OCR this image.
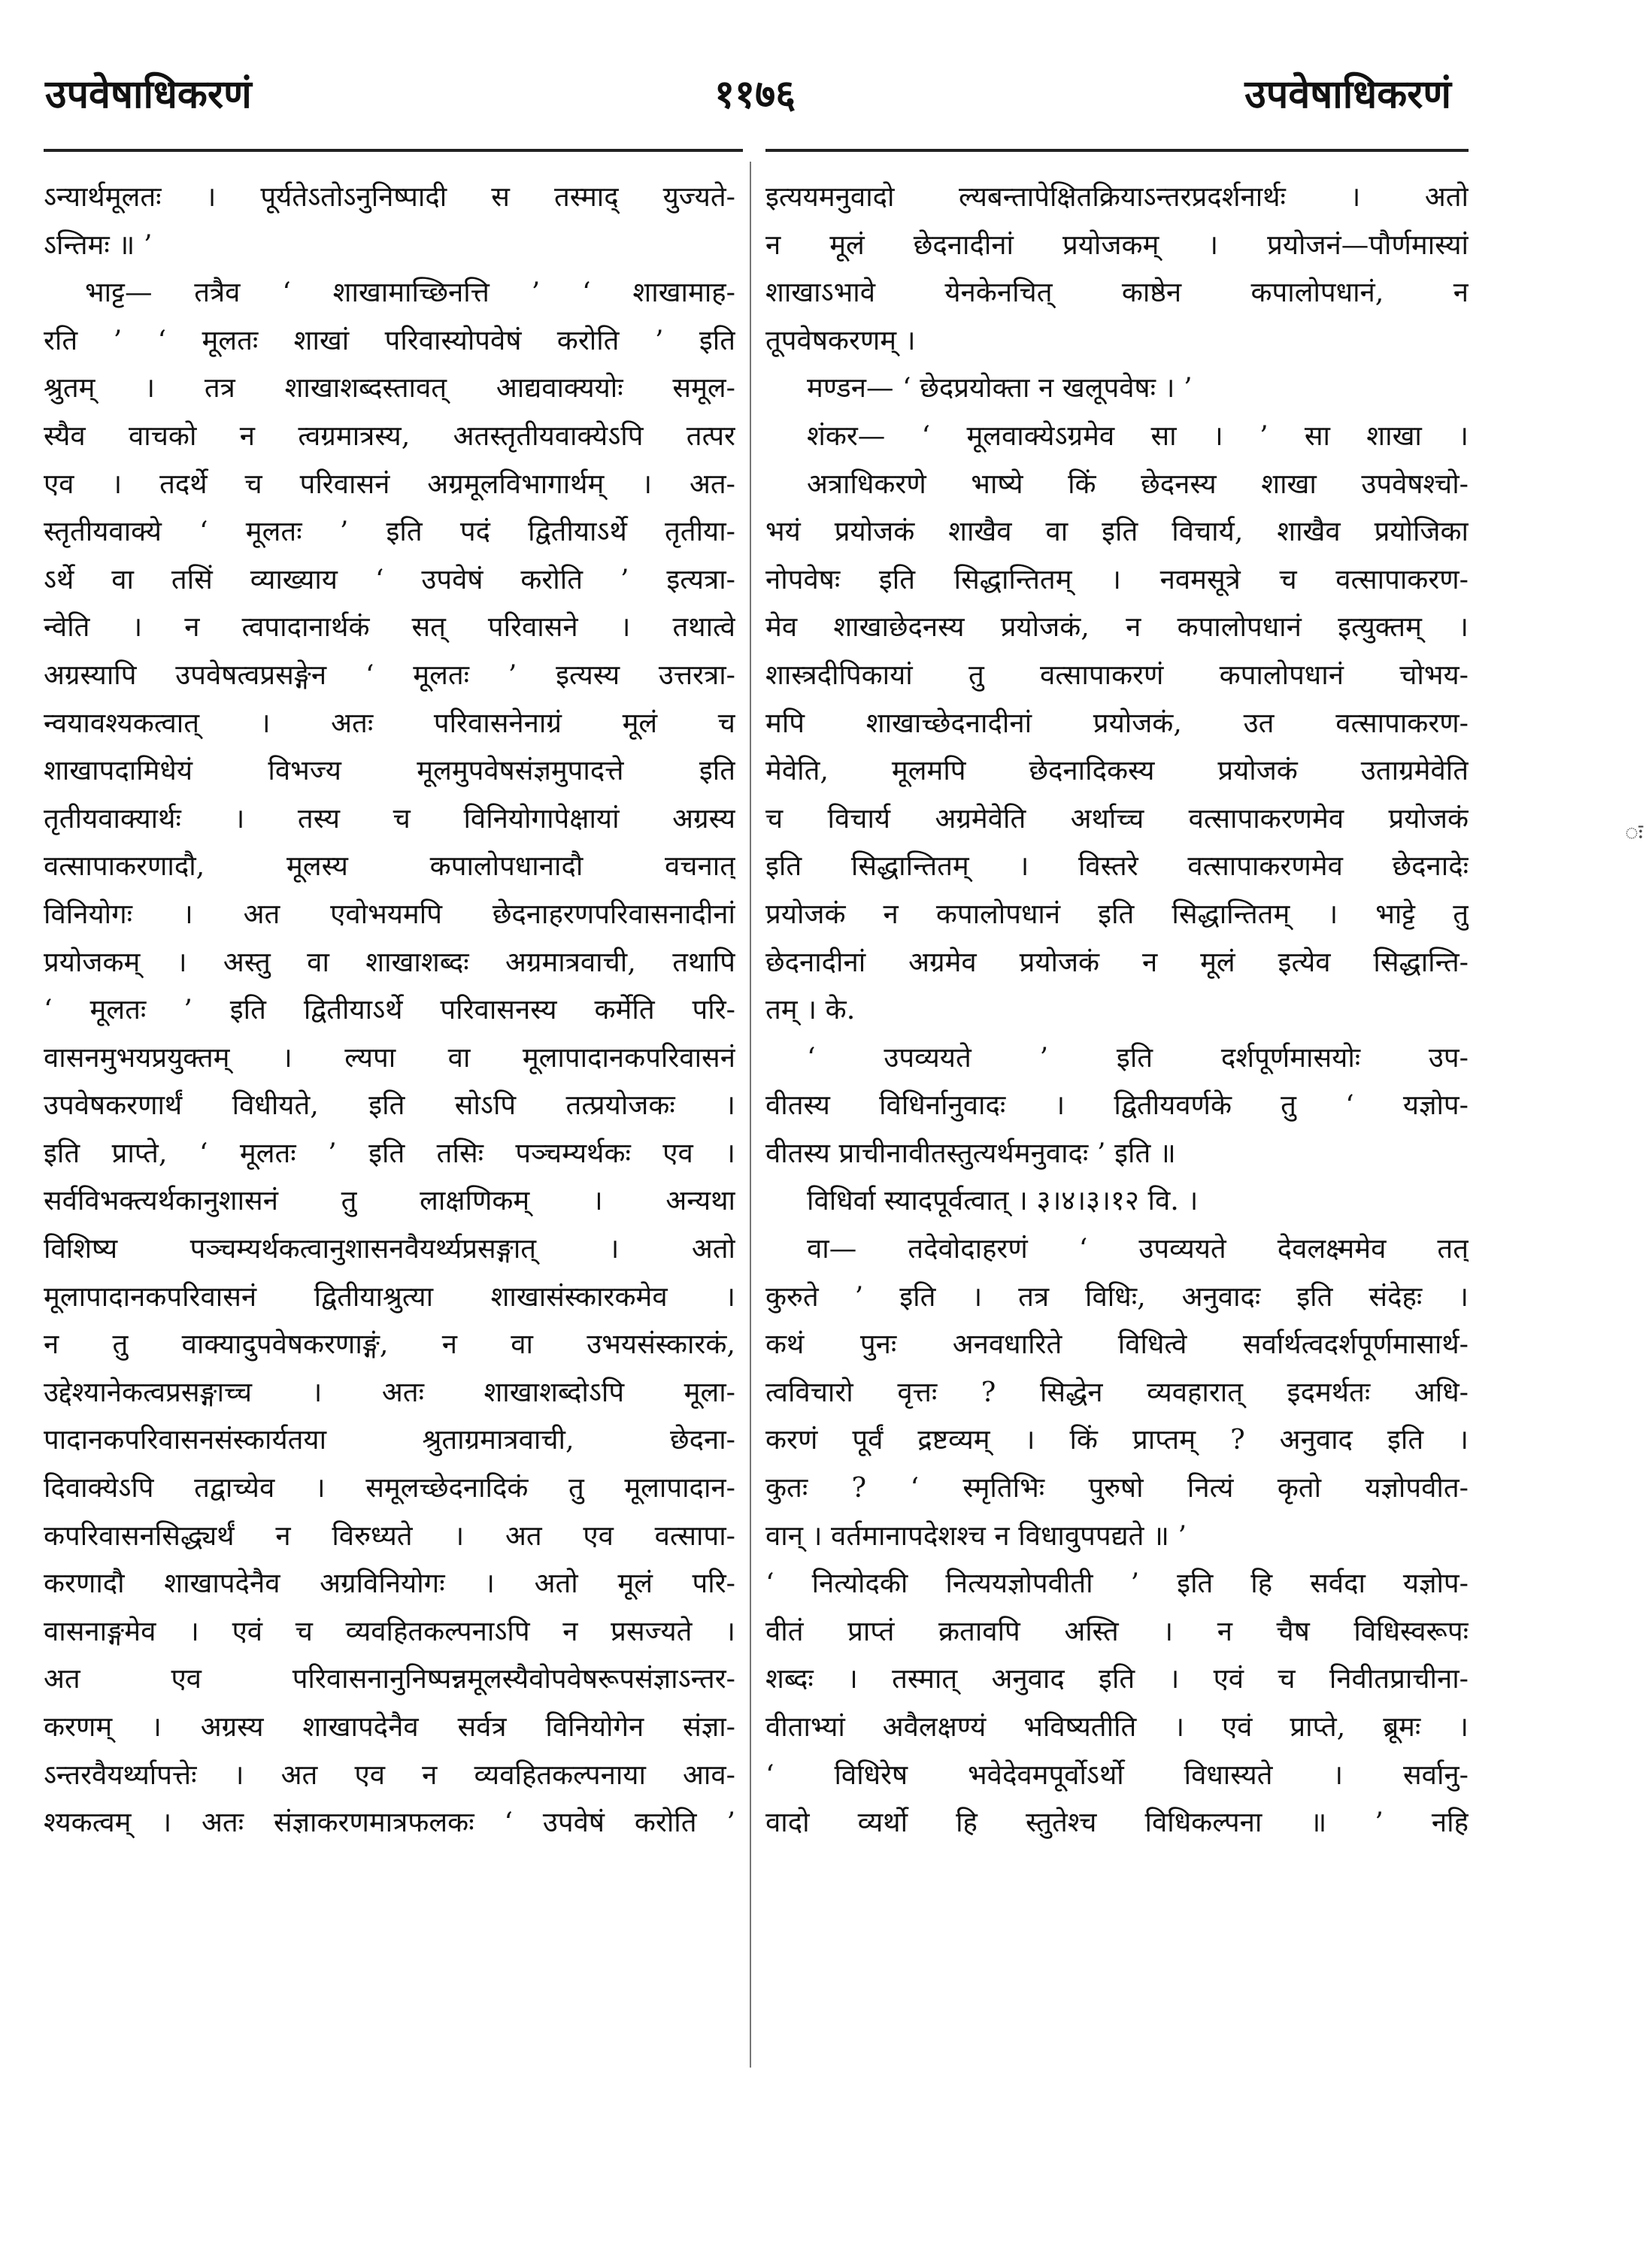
उपवेषाधिकरणं	११७६	उपवेषाधिकरणं
ऽन्यार्थमूलतः । पूर्यतेऽतोऽनुनिष्पादी स तस्माद् युज्यते-
ऽन्तिमः ॥ ’
भाट्ट— तत्रैव ‘ शाखामाच्छिनत्ति ’ ‘ शाखामाह-
रति ’ ‘ मूलतः शाखां परिवास्योपवेषं करोति ’ इति
श्रुतम् । तत्र शाखाशब्दस्तावत् आद्यवाक्ययोः समूल-
स्यैव वाचको न त्वग्रमात्रस्य, अतस्तृतीयवाक्येऽपि तत्पर
एव । तदर्थे च परिवासनं अग्रमूलविभागार्थम् । अत-
स्तृतीयवाक्ये ‘ मूलतः ’ इति पदं द्वितीयाऽर्थे तृतीया-
ऽर्थे वा तसिं व्याख्याय ‘ उपवेषं करोति ’ इत्यत्रा-
न्वेति । न त्वपादानार्थकं सत् परिवासने । तथात्वे
अग्रस्यापि उपवेषत्वप्रसङ्गेन ‘ मूलतः ’ इत्यस्य उत्तरत्रा-
न्वयावश्यकत्वात् । अतः परिवासनेनाग्रं मूलं च
शाखापदामिधेयं विभज्य मूलमुपवेषसंज्ञमुपादत्ते इति
तृतीयवाक्यार्थः । तस्य च विनियोगापेक्षायां अग्रस्य
वत्सापाकरणादौ, मूलस्य कपालोपधानादौ वचनात्
विनियोगः । अत एवोभयमपि छेदनाहरणपरिवासनादीनां
प्रयोजकम् । अस्तु वा शाखाशब्दः अग्रमात्रवाची, तथापि
‘ मूलतः ’ इति द्वितीयाऽर्थे परिवासनस्य कर्मेति परि-
वासनमुभयप्रयुक्तम् । ल्यपा वा मूलापादानकपरिवासनं
उपवेषकरणार्थं विधीयते, इति सोऽपि तत्प्रयोजकः ।
इति प्राप्ते, ‘ मूलतः ’ इति तसिः पञ्चम्यर्थकः एव ।
सर्वविभक्त्यर्थकानुशासनं तु लाक्षणिकम् । अन्यथा
विशिष्य पञ्चम्यर्थकत्वानुशासनवैयर्थ्यप्रसङ्गात् । अतो
मूलापादानकपरिवासनं द्वितीयाश्रुत्या शाखासंस्कारकमेव ।
न तु वाक्यादुपवेषकरणाङ्गं, न वा उभयसंस्कारकं,
उद्देश्यानेकत्वप्रसङ्गाच्च । अतः शाखाशब्दोऽपि मूला-
पादानकपरिवासनसंस्कार्यतया श्रुताग्रमात्रवाची, छेदना-
दिवाक्येऽपि तद्वाच्येव । समूलच्छेदनादिकं तु मूलापादान-
कपरिवासनसिद्ध्यर्थं न विरुध्यते । अत एव वत्सापा-
करणादौ शाखापदेनैव अग्रविनियोगः । अतो मूलं परि-
वासनाङ्गमेव । एवं च व्यवहितकल्पनाऽपि न प्रसज्यते ।
अत एव परिवासनानुनिष्पन्नमूलस्यैवोपवेषरूपसंज्ञाऽन्तर-
करणम् । अग्रस्य शाखापदेनैव सर्वत्र विनियोगेन संज्ञा-
ऽन्तरवैयर्थ्यापत्तेः । अत एव न व्यवहितकल्पनाया आव-
श्यकत्वम् । अतः संज्ञाकरणमात्रफलकः ‘ उपवेषं करोति ’
इत्ययमनुवादो ल्यबन्तापेक्षितक्रियाऽन्तरप्रदर्शनार्थः । अतो
न मूलं छेदनादीनां प्रयोजकम् । प्रयोजनं—पौर्णमास्यां
शाखाऽभावे येनकेनचित् काष्ठेन कपालोपधानं, न
तूपवेषकरणम् ।
मण्डन— ‘ छेदप्रयोक्ता न खलूपवेषः । ’
शंकर— ‘ मूलवाक्येऽग्रमेव सा । ’ सा शाखा ।
अत्राधिकरणे भाष्ये किं छेदनस्य शाखा उपवेषश्चो-
भयं प्रयोजकं शाखैव वा इति विचार्य, शाखैव प्रयोजिका
नोपवेषः इति सिद्धान्तितम् । नवमसूत्रे च वत्सापाकरण-
मेव शाखाछेदनस्य प्रयोजकं, न कपालोपधानं इत्युक्तम् ।
शास्त्रदीपिकायां तु वत्सापाकरणं कपालोपधानं चोभय-
मपि शाखाच्छेदनादीनां प्रयोजकं, उत वत्सापाकरण-
मेवेति, मूलमपि छेदनादिकस्य प्रयोजकं उताग्रमेवेति
च विचार्य अग्रमेवेति अर्थाच्च वत्सापाकरणमेव प्रयोजकं
इति सिद्धान्तितम् । विस्तरे वत्सापाकरणमेव छेदनादेः
प्रयोजकं न कपालोपधानं इति सिद्धान्तितम् । भाट्टे तु
छेदनादीनां अग्रमेव प्रयोजकं न मूलं इत्येव सिद्धान्ति-
तम् । के.
‘ उपव्ययते ’ इति दर्शपूर्णमासयोः उप-
वीतस्य विधिर्नानुवादः । द्वितीयवर्णके तु ‘ यज्ञोप-
वीतस्य प्राचीनावीतस्तुत्यर्थमनुवादः ’ इति ॥
विधिर्वा स्यादपूर्वत्वात् । ३।४।३।१२ वि. ।
वा— तदेवोदाहरणं ‘ उपव्ययते देवलक्ष्ममेव तत्
कुरुते ’ इति । तत्र विधिः, अनुवादः इति संदेहः ।
कथं पुनः अनवधारिते विधित्वे सर्वार्थत्वदर्शपूर्णमासार्थ-
त्वविचारो वृत्तः ? सिद्धेन व्यवहारात् इदमर्थतः अधि-
करणं पूर्वं द्रष्टव्यम् । किं प्राप्तम् ? अनुवाद इति ।
कुतः ? ‘ स्मृतिभिः पुरुषो नित्यं कृतो यज्ञोपवीत-
वान् । वर्तमानापदेशश्च न विधावुपपद्यते ॥ ’
‘ नित्योदकी नित्ययज्ञोपवीती ’ इति हि सर्वदा यज्ञोप-
वीतं प्राप्तं क्रतावपि अस्ति । न चैष विधिस्वरूपः
शब्दः । तस्मात् अनुवाद इति । एवं च निवीतप्राचीना-
वीताभ्यां अवैलक्षण्यं भविष्यतीति । एवं प्राप्ते, ब्रूमः ।
‘ विधिरेष भवेदेवमपूर्वोऽर्थो विधास्यते । सर्वानु-
वादो व्यर्थो हि स्तुतेश्च विधिकल्पना ॥ ’ नहि
ः
